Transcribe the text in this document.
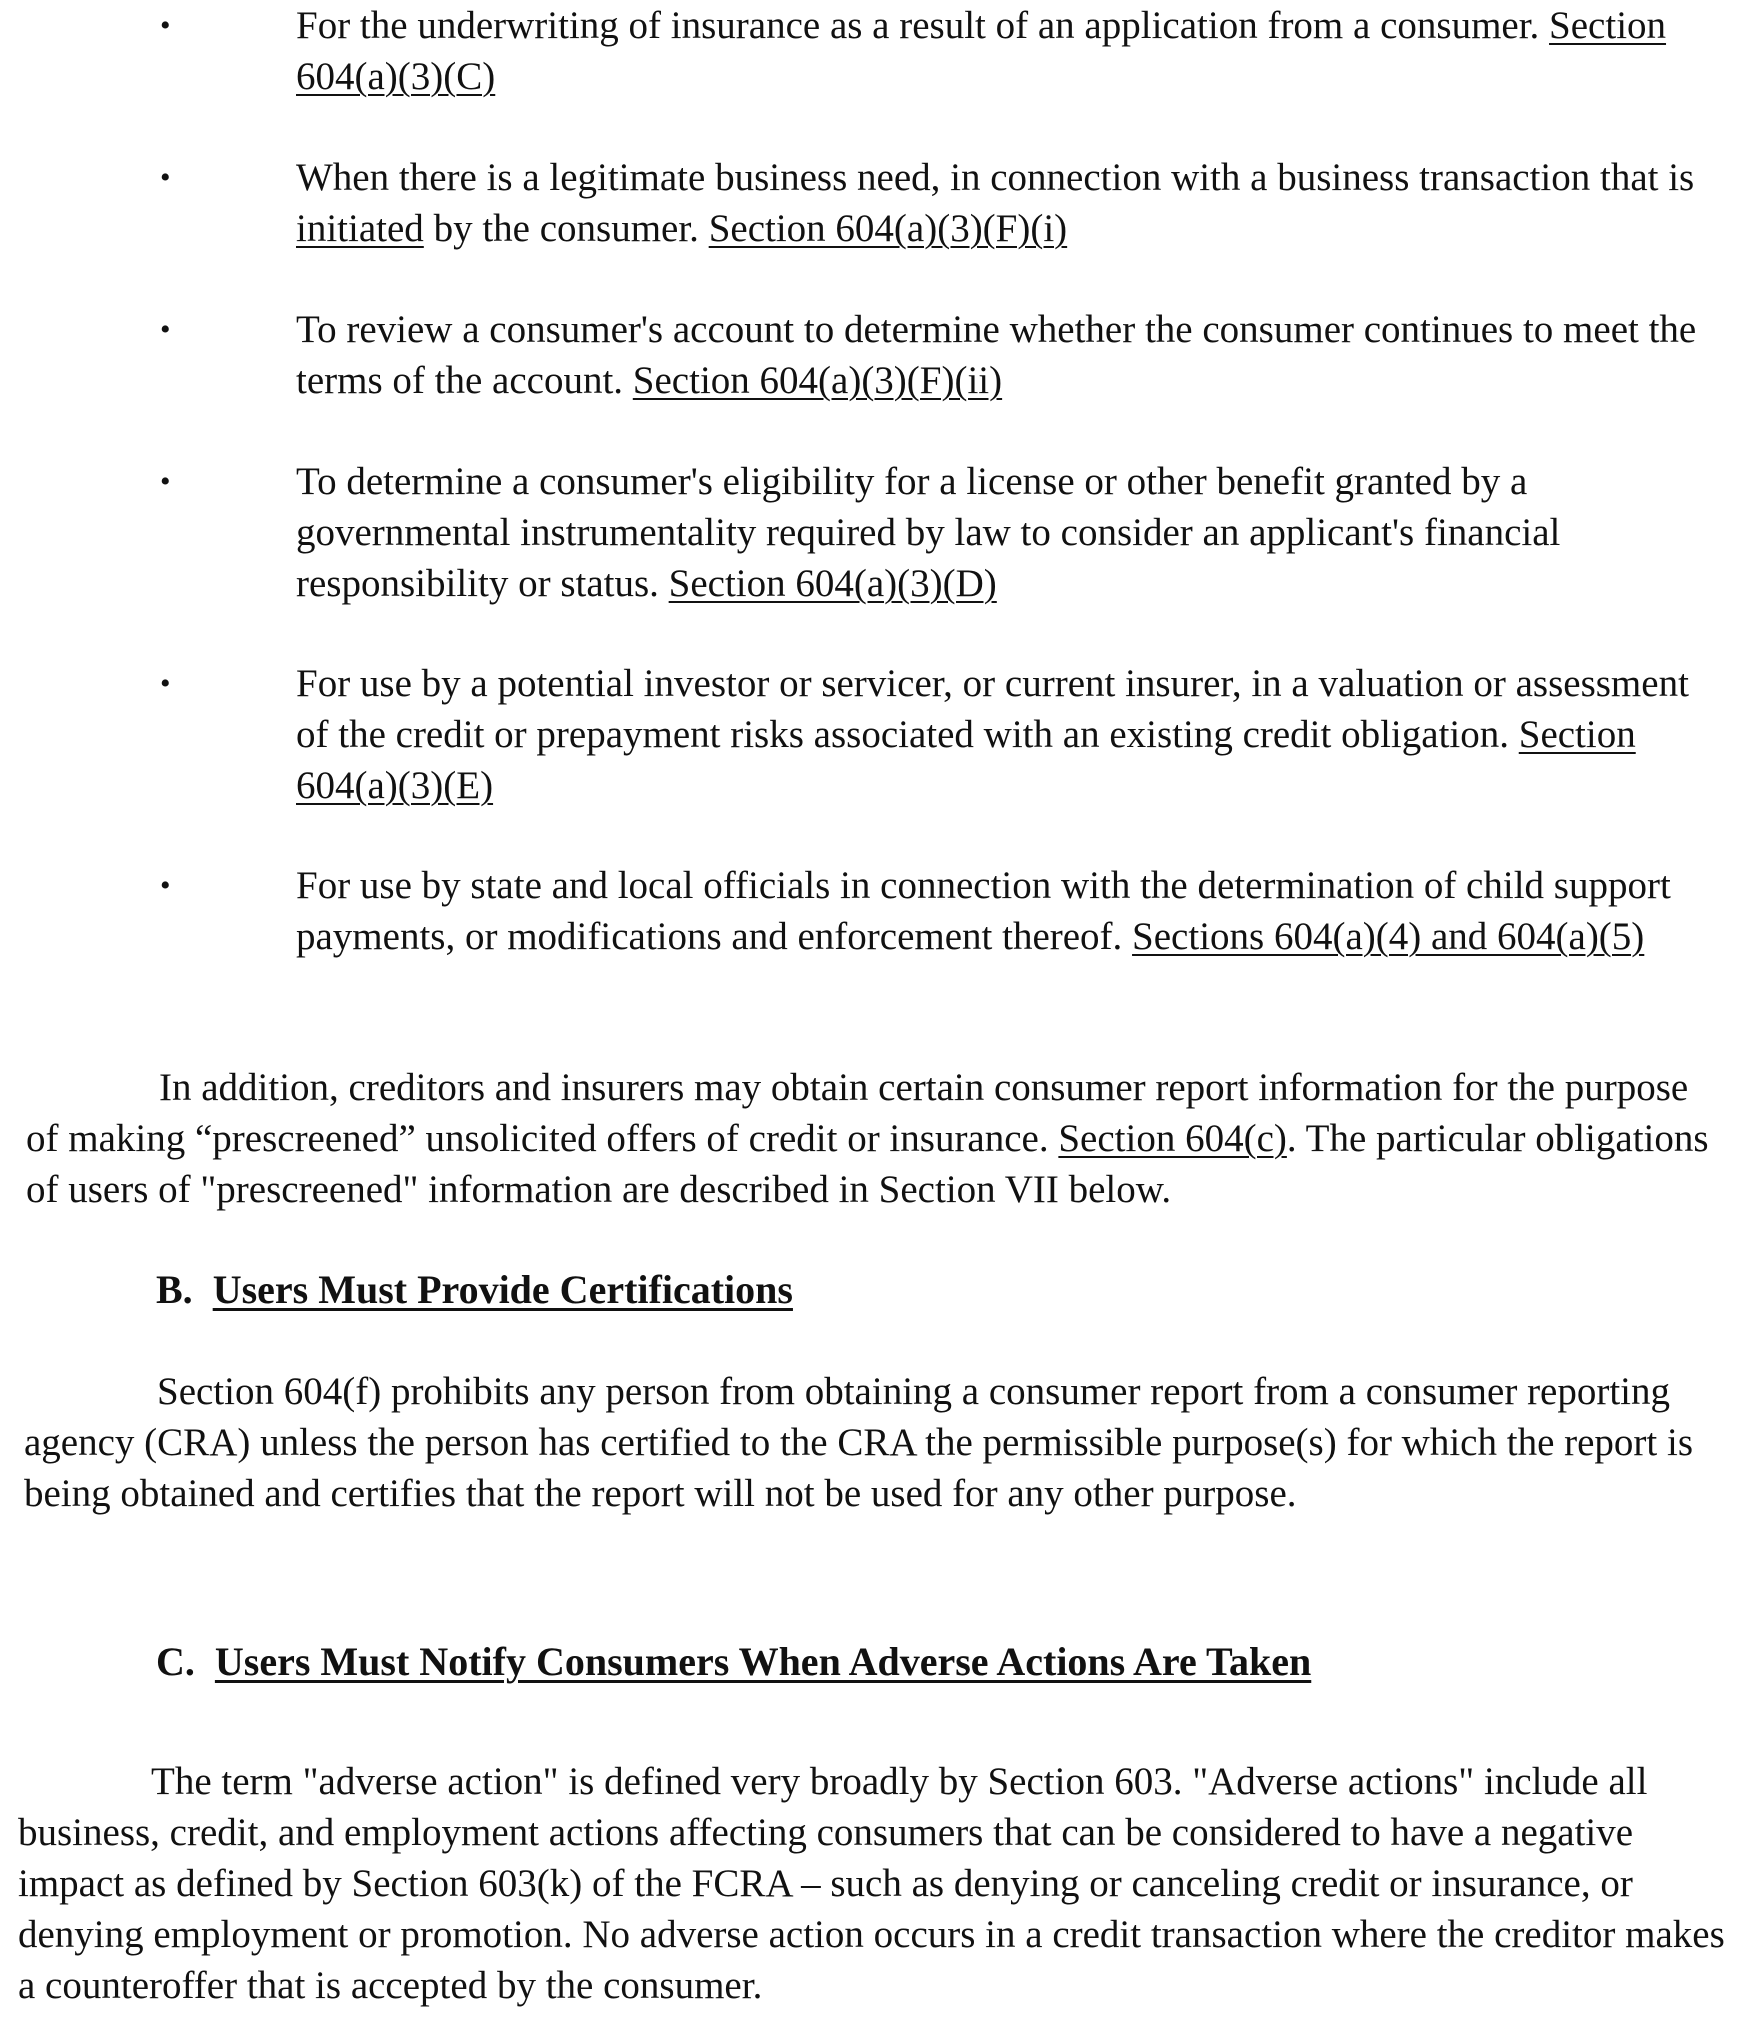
•	For the underwriting of insurance as a result of an application from a consumer. Section 604(a)(3)(C)

•	When there is a legitimate business need, in connection with a business transaction that is initiated by the consumer. Section 604(a)(3)(F)(i)

•	To review a consumer's account to determine whether the consumer continues to meet the terms of the account. Section 604(a)(3)(F)(ii)

•	To determine a consumer's eligibility for a license or other benefit granted by a governmental instrumentality required by law to consider an applicant's financial responsibility or status. Section 604(a)(3)(D)

•	For use by a potential investor or servicer, or current insurer, in a valuation or assessment of the credit or prepayment risks associated with an existing credit obligation. Section 604(a)(3)(E)

•	For use by state and local officials in connection with the determination of child support payments, or modifications and enforcement thereof. Sections 604(a)(4) and 604(a)(5)

In addition, creditors and insurers may obtain certain consumer report information for the purpose of making “prescreened” unsolicited offers of credit or insurance. Section 604(c). The particular obligations of users of "prescreened" information are described in Section VII below.

B. Users Must Provide Certifications

Section 604(f) prohibits any person from obtaining a consumer report from a consumer reporting agency (CRA) unless the person has certified to the CRA the permissible purpose(s) for which the report is being obtained and certifies that the report will not be used for any other purpose.

C. Users Must Notify Consumers When Adverse Actions Are Taken

The term "adverse action" is defined very broadly by Section 603. "Adverse actions" include all business, credit, and employment actions affecting consumers that can be considered to have a negative impact as defined by Section 603(k) of the FCRA – such as denying or canceling credit or insurance, or denying employment or promotion. No adverse action occurs in a credit transaction where the creditor makes a counteroffer that is accepted by the consumer.
